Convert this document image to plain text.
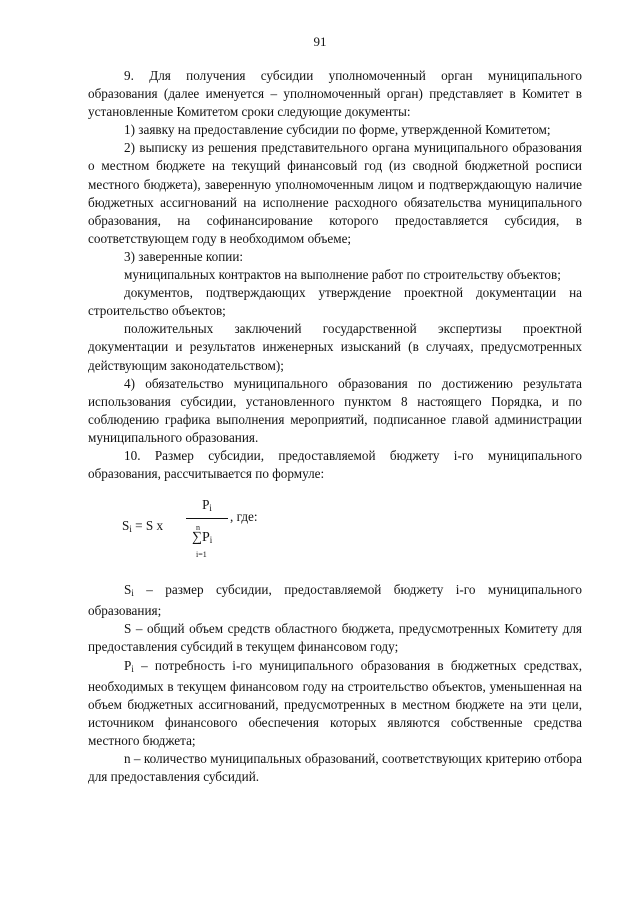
91

9. Для получения субсидии уполномоченный орган муниципального образования (далее именуется – уполномоченный орган) представляет в Комитет в установленные Комитетом сроки следующие документы:

1) заявку на предоставление субсидии по форме, утвержденной Комитетом;

2) выписку из решения представительного органа муниципального образования о местном бюджете на текущий финансовый год (из сводной бюджетной росписи местного бюджета), заверенную уполномоченным лицом и подтверждающую наличие бюджетных ассигнований на исполнение расходного обязательства муниципального образования, на софинансирование которого предоставляется субсидия, в соответствующем году в необходимом объеме;

3) заверенные копии:

муниципальных контрактов на выполнение работ по строительству объектов;

документов, подтверждающих утверждение проектной документации на строительство объектов;

положительных заключений государственной экспертизы проектной документации и результатов инженерных изысканий (в случаях, предусмотренных действующим законодательством);

4) обязательство муниципального образования по достижению результата использования субсидии, установленного пунктом 8 настоящего Порядка, и по соблюдению графика выполнения мероприятий, подписанное главой администрации муниципального образования.

10. Размер субсидии, предоставляемой бюджету i-го муниципального образования, рассчитывается по формуле:

$S_i = S$ x
$P_i$
n
$\sum P_i$
i=1
, где:

$S_i$ – размер субсидии, предоставляемой бюджету i-го муниципального образования;

S – общий объем средств областного бюджета, предусмотренных Комитету для предоставления субсидий в текущем финансовом году;

$P_i$ – потребность i-го муниципального образования в бюджетных средствах, необходимых в текущем финансовом году на строительство объектов, уменьшенная на объем бюджетных ассигнований, предусмотренных в местном бюджете на эти цели, источником финансового обеспечения которых являются собственные средства местного бюджета;

n – количество муниципальных образований, соответствующих критерию отбора для предоставления субсидий.
